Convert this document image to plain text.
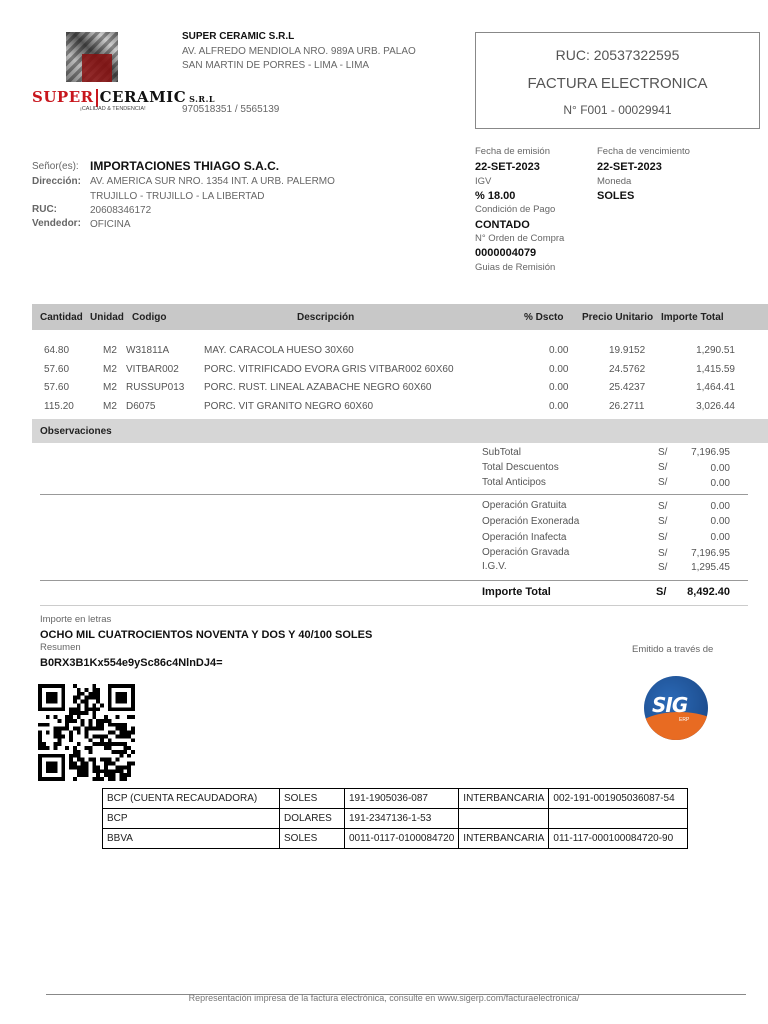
SUPER CERAMIC S.R.L
¡CALIDAD & TENDENCIA!
SUPER CERAMIC S.R.L
AV. ALFREDO MENDIOLA NRO. 989A URB. PALAO
SAN MARTIN DE PORRES - LIMA - LIMA
970518351 / 5565139
RUC: 20537322595
FACTURA ELECTRONICA
N° F001 - 00029941
Señor(es): IMPORTACIONES THIAGO S.A.C.
Dirección: AV. AMERICA SUR NRO. 1354 INT. A URB. PALERMO
TRUJILLO - TRUJILLO - LA LIBERTAD
RUC:	20608346172
Vendedor: OFICINA
Fecha de emisión
22-SET-2023
Fecha de vencimiento
22-SET-2023
IGV
% 18.00
Moneda
SOLES
Condición de Pago
CONTADO
N° Orden de Compra
0000004079
Guias de Remisión
Cantidad Unidad Codigo	Descripción	% Dscto Precio Unitario Importe Total
64.80	M2 W31811A	MAY. CARACOLA HUESO 30X60	0.00	19.9152	1,290.51
57.60	M2 VITBAR002	PORC. VITRIFICADO EVORA GRIS VITBAR002 60X60	0.00	24.5762	1,415.59
57.60	M2 RUSSUP013 PORC. RUST. LINEAL AZABACHE NEGRO 60X60	0.00	25.4237	1,464.41
115.20	M2 D6075	PORC. VIT GRANITO NEGRO 60X60	0.00	26.2711	3,026.44
Observaciones
SubTotal	S/ 7,196.95
Total Descuentos	S/	0.00
Total Anticipos	S/	0.00
Operación Gratuita	S/	0.00
Operación Exonerada	S/	0.00
Operación Inafecta	S/	0.00
Operación Gravada	S/ 7,196.95
I.G.V.	S/ 1,295.45
Importe Total	S/ 8,492.40
Importe en letras
OCHO MIL CUATROCIENTOS NOVENTA Y DOS Y 40/100 SOLES
Resumen
B0RX3B1Kx554e9ySc86c4NlnDJ4=
Emitido a través de
SIG
ERP
BCP (CUENTA RECAUDADORA)	SOLES	191-1905036-087	INTERBANCARIA	002-191-001905036087-54
BCP	DOLARES	191-2347136-1-53		
BBVA	SOLES	0011-0117-0100084720	INTERBANCARIA	011-117-000100084720-90
Representación impresa de la factura electrónica, consulte en www.sigerp.com/facturaelectronica/
